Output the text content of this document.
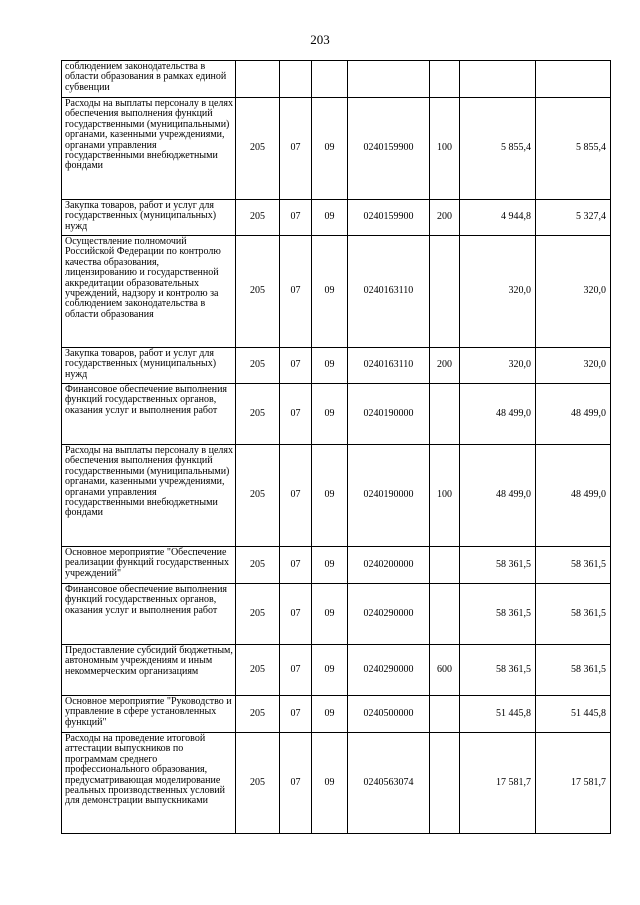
203
соблюдением законодательства в области образования в рамках единой субвенции							
Расходы на выплаты персоналу в целях обеспечения выполнения функций государственными (муниципальными) органами, казенными учреждениями, органами управления государственными внебюджетными фондами	205	07	09	0240159900	100	5 855,4	5 855,4
Закупка товаров, работ и услуг для государственных (муниципальных) нужд	205	07	09	0240159900	200	4 944,8	5 327,4
Осуществление полномочий Российской Федерации по контролю качества образования, лицензированию и государственной аккредитации образовательных учреждений, надзору и контролю за соблюдением законодательства в области образования	205	07	09	0240163110		320,0	320,0
Закупка товаров, работ и услуг для государственных (муниципальных) нужд	205	07	09	0240163110	200	320,0	320,0
Финансовое обеспечение выполнения функций государственных органов, оказания услуг и выполнения работ	205	07	09	0240190000		48 499,0	48 499,0
Расходы на выплаты персоналу в целях обеспечения выполнения функций государственными (муниципальными) органами, казенными учреждениями, органами управления государственными внебюджетными фондами	205	07	09	0240190000	100	48 499,0	48 499,0
Основное мероприятие "Обеспечение реализации функций государственных учреждений"	205	07	09	0240200000		58 361,5	58 361,5
Финансовое обеспечение выполнения функций государственных органов, оказания услуг и выполнения работ	205	07	09	0240290000		58 361,5	58 361,5
Предоставление субсидий бюджетным, автономным учреждениям и иным некоммерческим организациям	205	07	09	0240290000	600	58 361,5	58 361,5
Основное мероприятие "Руководство и управление в сфере установленных функций"	205	07	09	0240500000		51 445,8	51 445,8
Расходы на проведение итоговой аттестации выпускников по программам среднего профессионального образования, предусматривающая моделирование реальных производственных условий для демонстрации выпускниками	205	07	09	0240563074		17 581,7	17 581,7
